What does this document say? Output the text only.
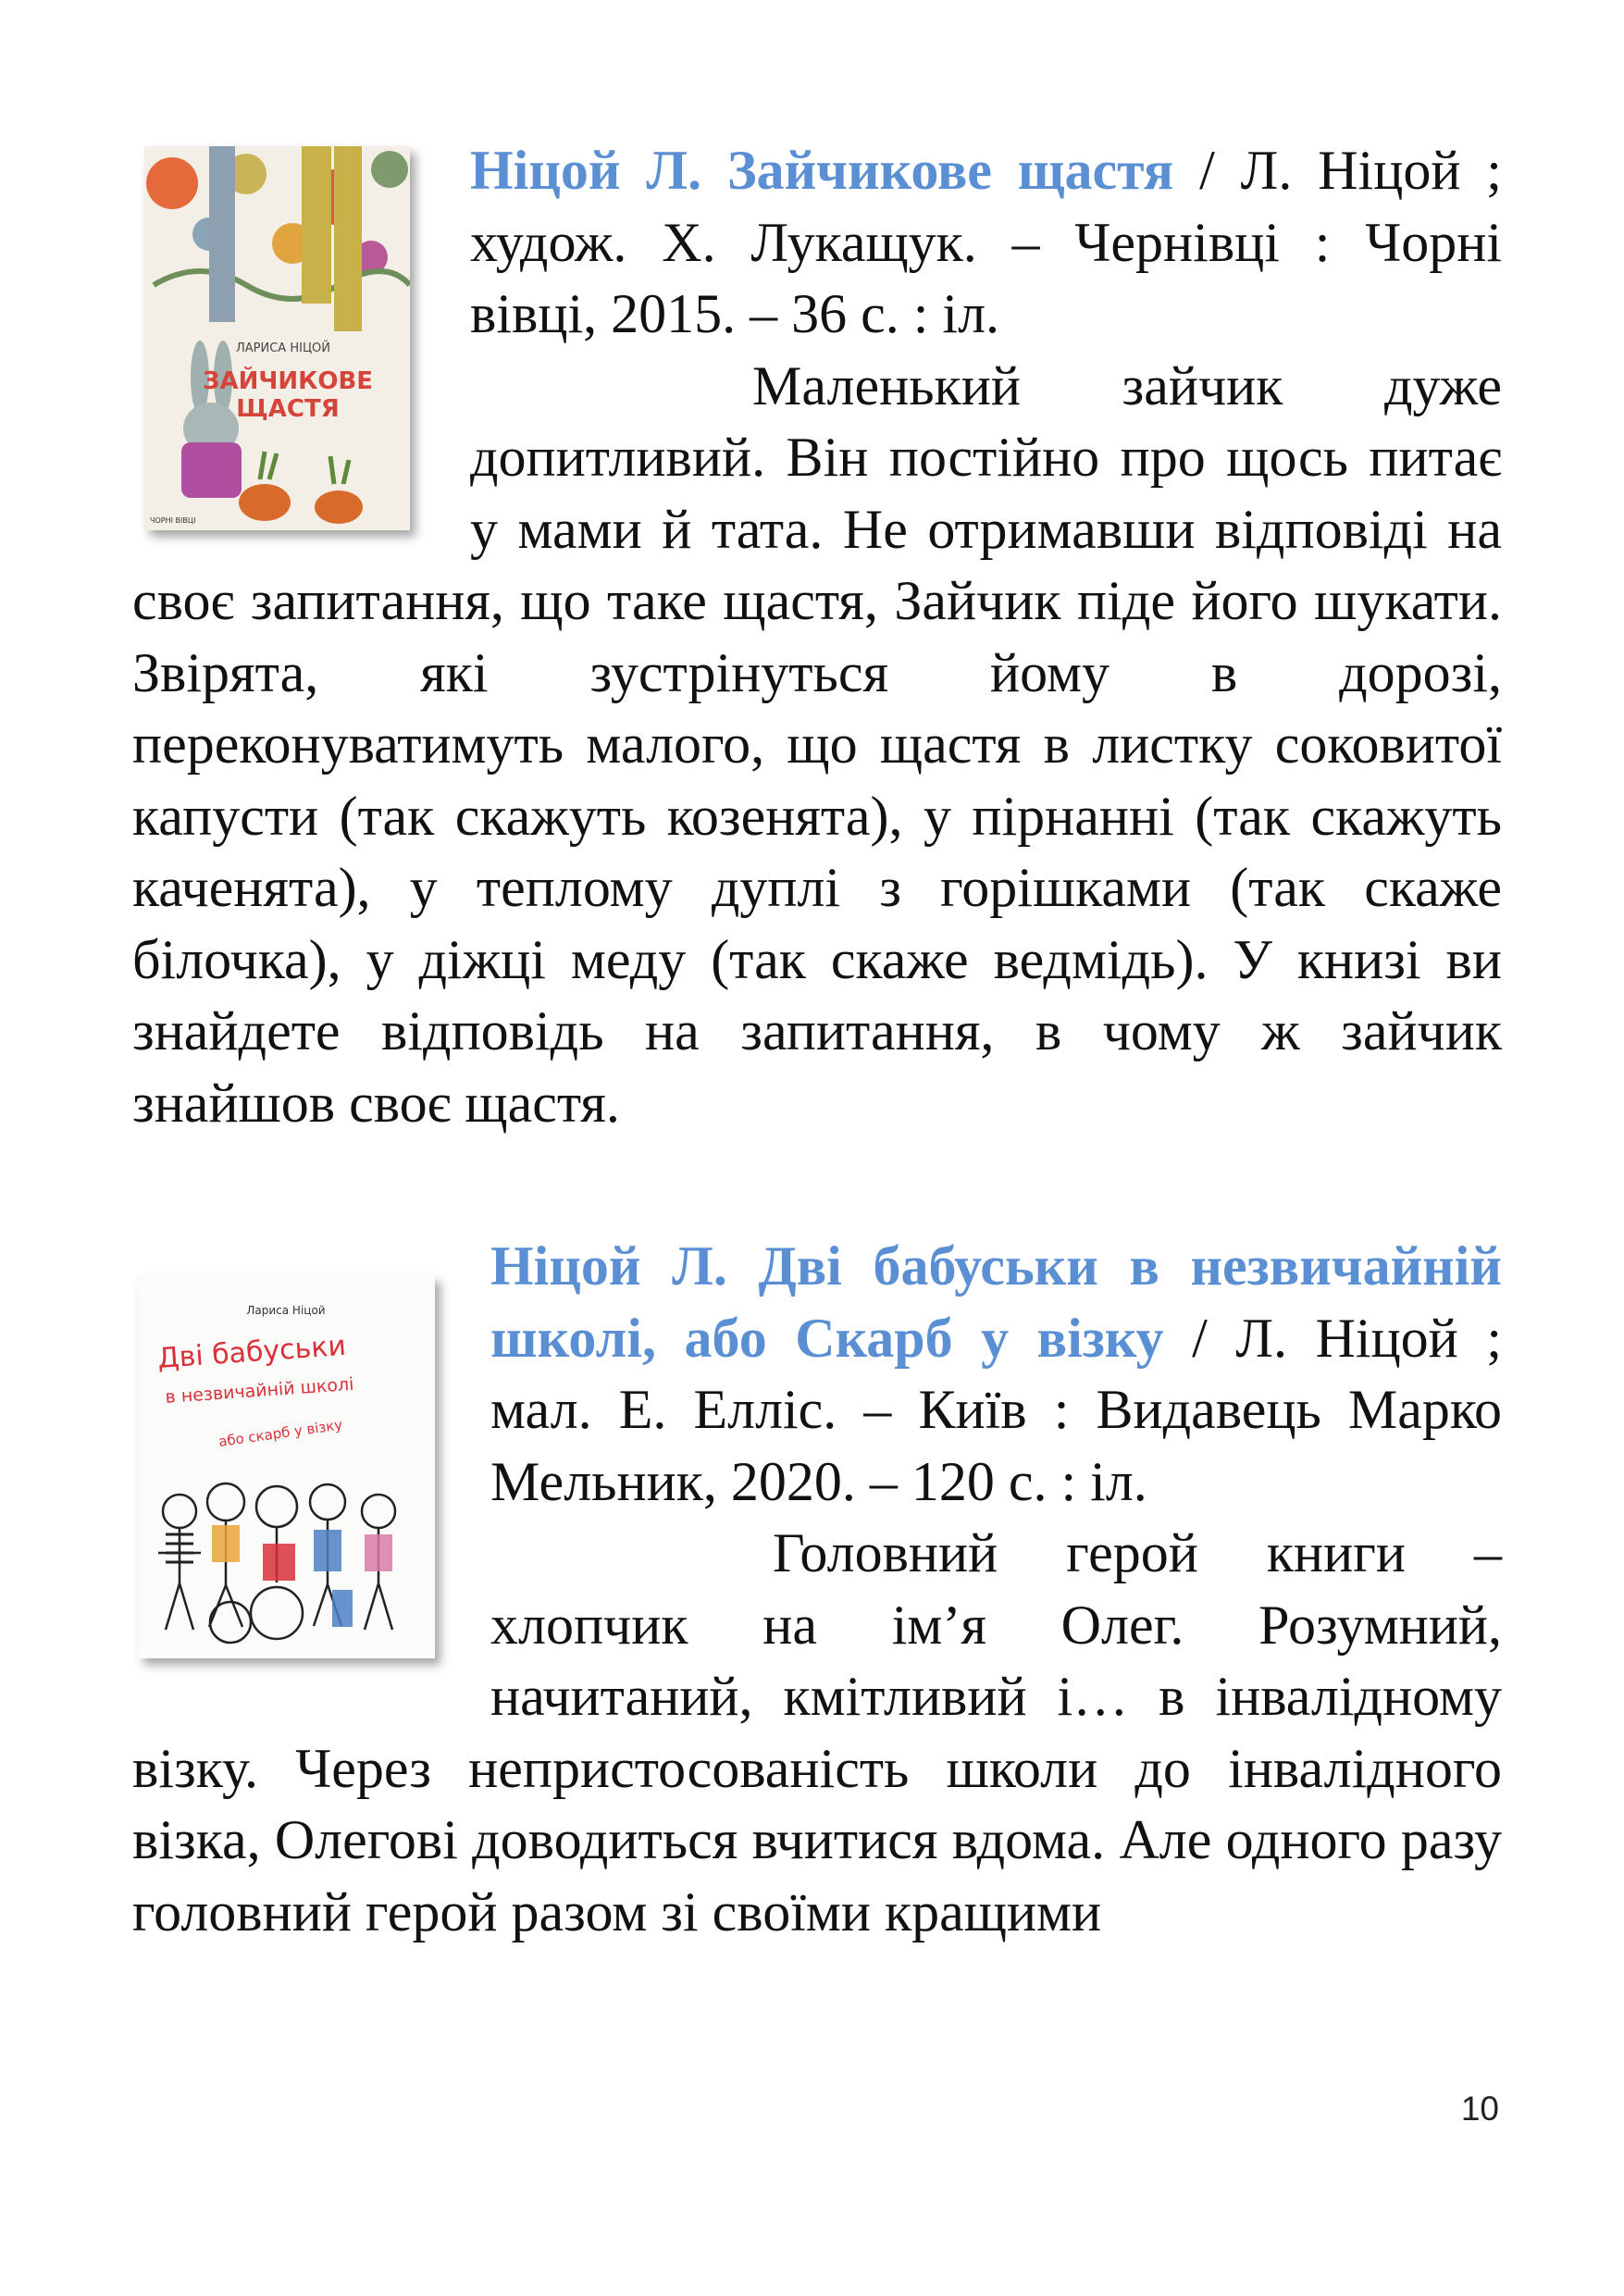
ЛАРИСА НІЦОЙ
ЗАЙЧИКОВЕ
ЩАСТЯ
ЧОРНІ ВІВЦІ

Ніцой Л. Зайчикове щастя / Л. Ніцой ; худож. Х. Лукащук. – Чернівці : Чорні вівці, 2015. – 36 с. : іл.

Маленький зайчик дуже допитливий. Він постійно про щось питає у мами й тата. Не отримавши відповіді на своє запитання, що таке щастя, Зайчик піде його шукати. Звірята, які зустрінуться йому в дорозі, переконуватимуть малого, що щастя в листку соковитої капусти (так скажуть козенята), у пірнанні (так скажуть каченята), у теплому дуплі з горішками (так скаже білочка), у діжці меду (так скаже ведмідь). У книзі ви знайдете відповідь на запитання, в чому ж зайчик знайшов своє щастя.

Лариса Ніцой
Дві бабуськи
в незвичайній школі
або скарб у візку

Ніцой Л. Дві бабуськи в незвичайній школі, або Скарб у візку / Л. Ніцой ; мал. Е. Елліс. – Київ : Видавець Марко Мельник, 2020. – 120 с. : іл.

Головний герой книги – хлопчик на ім’я Олег. Розумний, начитаний, кмітливий і… в інвалідному візку. Через непристосованість школи до інвалідного візка, Олегові доводиться вчитися вдома. Але одного разу головний герой разом зі своїми кращими

10
